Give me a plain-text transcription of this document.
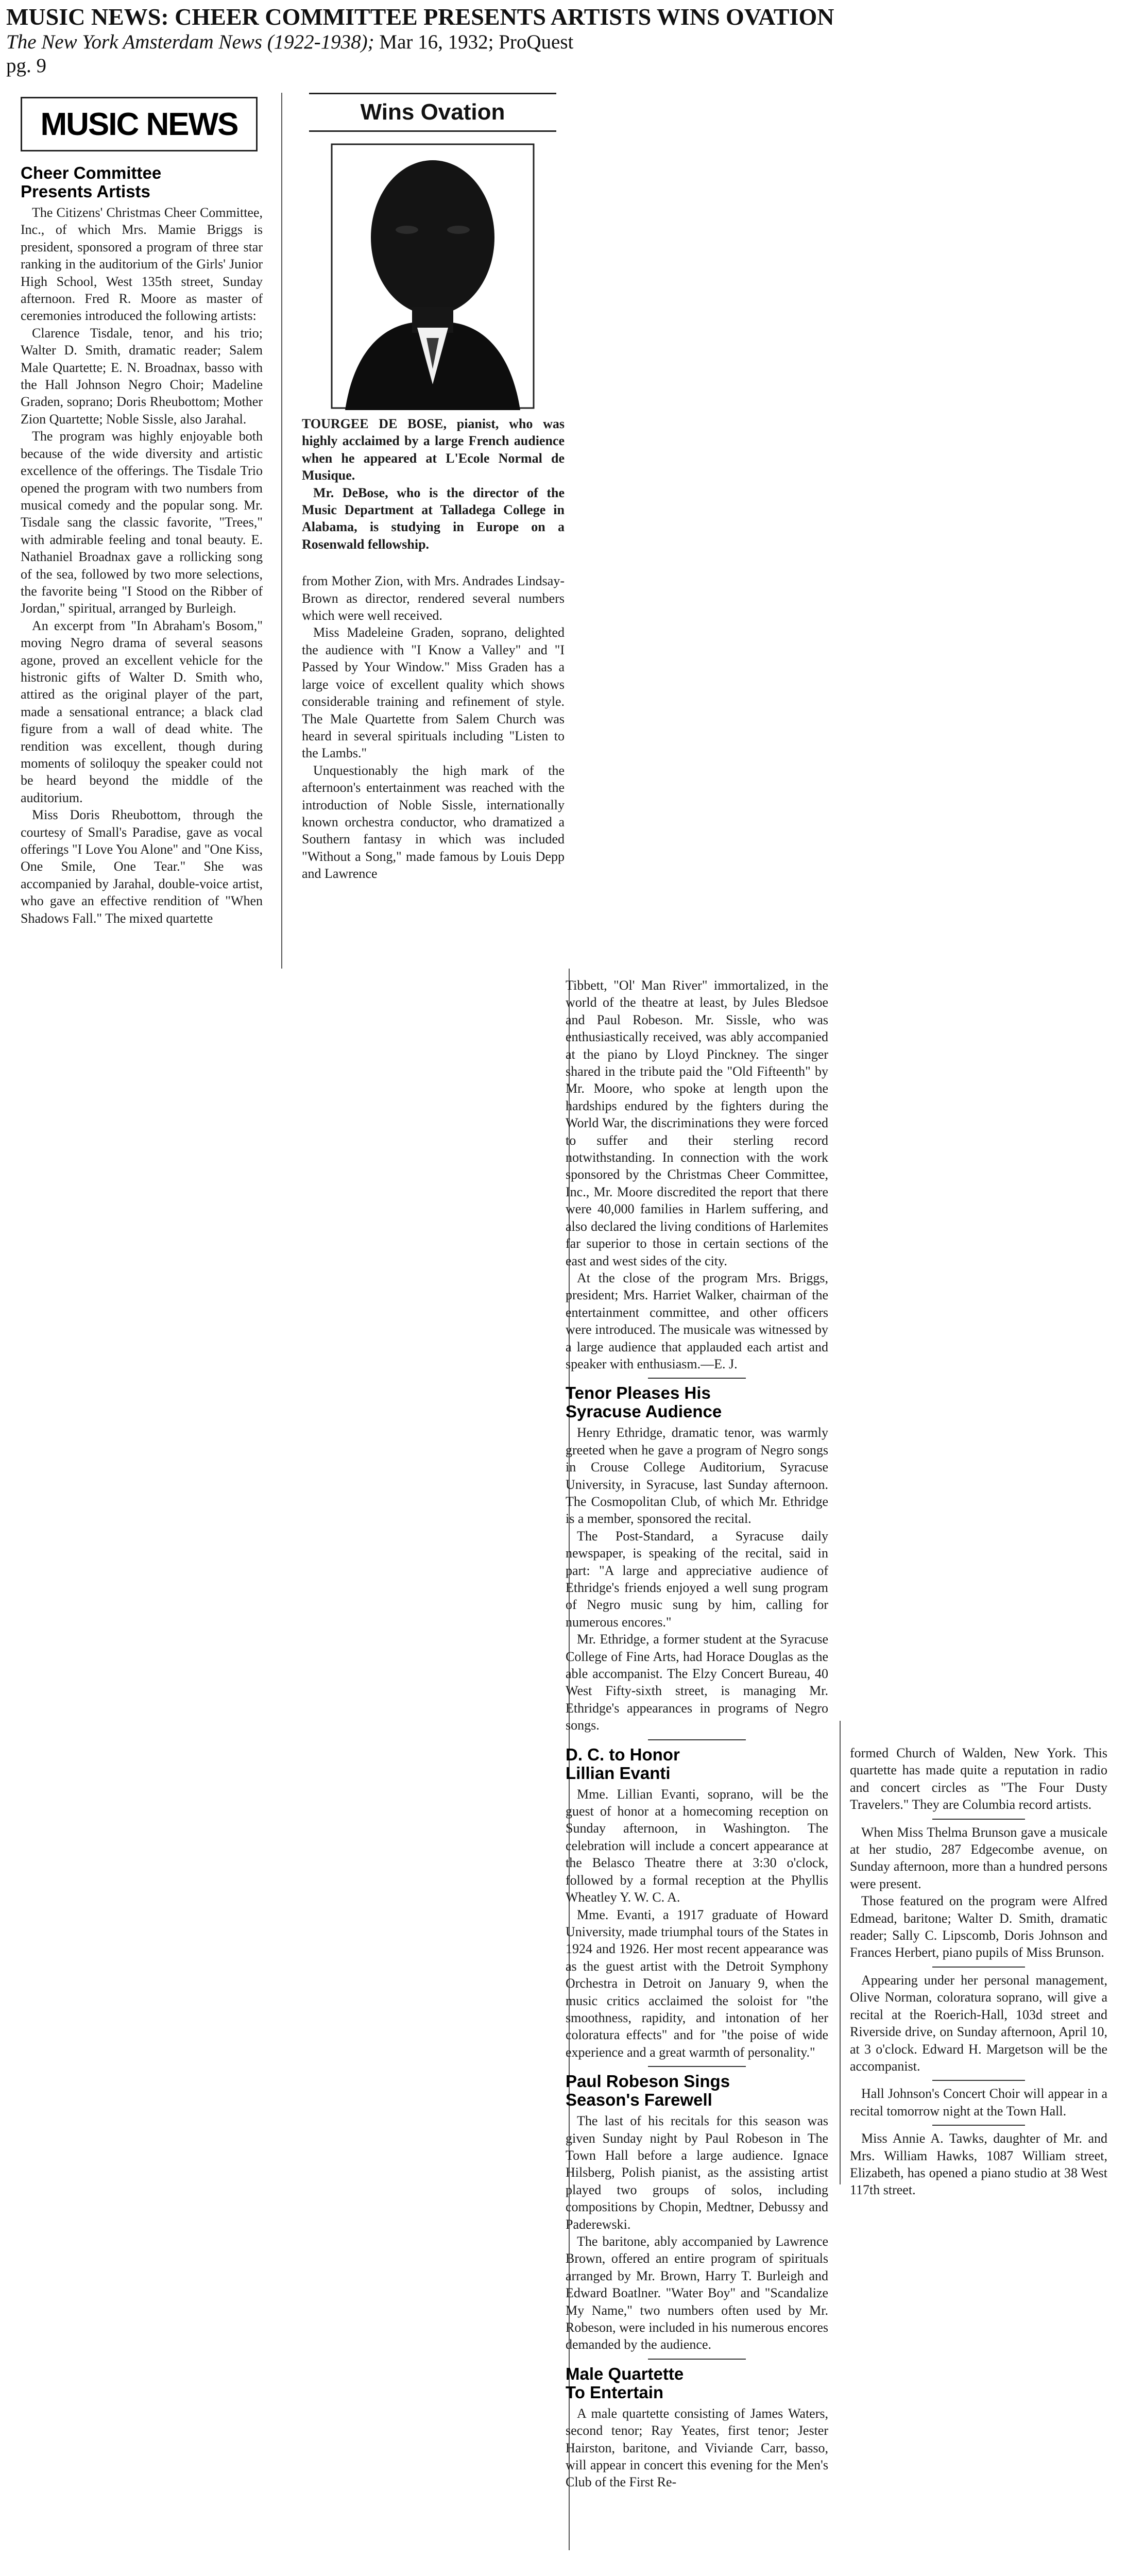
MUSIC NEWS: CHEER COMMITTEE PRESENTS ARTISTS WINS OVATION
The New York Amsterdam News (1922-1938); Mar 16, 1932; ProQuest
pg. 9
MUSIC NEWS	Wins Ovation
Cheer Committee
Presents Artists

The Citizens' Christmas Cheer Committee, Inc., of which Mrs. Mamie Briggs is president, sponsored a program of three star ranking in the auditorium of the Girls' Junior High School, West 135th street, Sunday afternoon. Fred R. Moore as master of ceremonies introduced the following artists:

Clarence Tisdale, tenor, and his trio; Walter D. Smith, dramatic reader; Salem Male Quartette; E. N. Broadnax, basso with the Hall Johnson Negro Choir; Madeline Graden, soprano; Doris Rheubottom; Mother Zion Quartette; Noble Sissle, also Jarahal.

The program was highly enjoyable both because of the wide diversity and artistic excellence of the offerings. The Tisdale Trio opened the program with two numbers from musical comedy and the popular song. Mr. Tisdale sang the classic favorite, "Trees," with admirable feeling and tonal beauty. E. Nathaniel Broadnax gave a rollicking song of the sea, followed by two more selections, the favorite being "I Stood on the Ribber of Jordan," spiritual, arranged by Burleigh.

An excerpt from "In Abraham's Bosom," moving Negro drama of several seasons agone, proved an excellent vehicle for the histronic gifts of Walter D. Smith who, attired as the original player of the part, made a sensational entrance; a black clad figure from a wall of dead white. The rendition was excellent, though during moments of soliloquy the speaker could not be heard beyond the middle of the auditorium.

Miss Doris Rheubottom, through the courtesy of Small's Paradise, gave as vocal offerings "I Love You Alone" and "One Kiss, One Smile, One Tear." She was accompanied by Jarahal, double-voice artist, who gave an effective rendition of "When Shadows Fall." The mixed quartette

TOURGEE DE BOSE, pianist, who was highly acclaimed by a large French audience when he appeared at L'Ecole Normal de Musique.

Mr. DeBose, who is the director of the Music Department at Talladega College in Alabama, is studying in Europe on a Rosenwald fellowship.

from Mother Zion, with Mrs. Andrades Lindsay-Brown as director, rendered several numbers which were well received.

Miss Madeleine Graden, soprano, delighted the audience with "I Know a Valley" and "I Passed by Your Window." Miss Graden has a large voice of excellent quality which shows considerable training and refinement of style. The Male Quartette from Salem Church was heard in several spirituals including "Listen to the Lambs."

Unquestionably the high mark of the afternoon's entertainment was reached with the introduction of Noble Sissle, internationally known orchestra conductor, who dramatized a Southern fantasy in which was included "Without a Song," made famous by Louis Depp and Lawrence

Tibbett, "Ol' Man River" immortalized, in the world of the theatre at least, by Jules Bledsoe and Paul Robeson. Mr. Sissle, who was enthusiastically received, was ably accompanied at the piano by Lloyd Pinckney. The singer shared in the tribute paid the "Old Fifteenth" by Mr. Moore, who spoke at length upon the hardships endured by the fighters during the World War, the discriminations they were forced to suffer and their sterling record notwithstanding. In connection with the work sponsored by the Christmas Cheer Committee, Inc., Mr. Moore discredited the report that there were 40,000 families in Harlem suffering, and also declared the living conditions of Harlemites far superior to those in certain sections of the east and west sides of the city.

At the close of the program Mrs. Briggs, president; Mrs. Harriet Walker, chairman of the entertainment committee, and other officers were introduced. The musicale was witnessed by a large audience that applauded each artist and speaker with enthusiasm.—E. J.

Tenor Pleases His
Syracuse Audience

Henry Ethridge, dramatic tenor, was warmly greeted when he gave a program of Negro songs in Crouse College Auditorium, Syracuse University, in Syracuse, last Sunday afternoon. The Cosmopolitan Club, of which Mr. Ethridge is a member, sponsored the recital.

The Post-Standard, a Syracuse daily newspaper, is speaking of the recital, said in part: "A large and appreciative audience of Ethridge's friends enjoyed a well sung program of Negro music sung by him, calling for numerous encores."

Mr. Ethridge, a former student at the Syracuse College of Fine Arts, had Horace Douglas as the able accompanist. The Elzy Concert Bureau, 40 West Fifty-sixth street, is managing Mr. Ethridge's appearances in programs of Negro songs.

D. C. to Honor
Lillian Evanti

Mme. Lillian Evanti, soprano, will be the guest of honor at a homecoming reception on Sunday afternoon, in Washington. The celebration will include a concert appearance at the Belasco Theatre there at 3:30 o'clock, followed by a formal reception at the Phyllis Wheatley Y. W. C. A.

Mme. Evanti, a 1917 graduate of Howard University, made triumphal tours of the States in 1924 and 1926. Her most recent appearance was as the guest artist with the Detroit Symphony Orchestra in Detroit on January 9, when the music critics acclaimed the soloist for "the smoothness, rapidity, and intonation of her coloratura effects" and for "the poise of wide experience and a great warmth of personality."

Paul Robeson Sings
Season's Farewell

The last of his recitals for this season was given Sunday night by Paul Robeson in The Town Hall before a large audience. Ignace Hilsberg, Polish pianist, as the assisting artist played two groups of solos, including compositions by Chopin, Medtner, Debussy and Paderewski.

The baritone, ably accompanied by Lawrence Brown, offered an entire program of spirituals arranged by Mr. Brown, Harry T. Burleigh and Edward Boatlner. "Water Boy" and "Scandalize My Name," two numbers often used by Mr. Robeson, were included in his numerous encores demanded by the audience.

Male Quartette
To Entertain

A male quartette consisting of James Waters, second tenor; Ray Yeates, first tenor; Jester Hairston, baritone, and Viviande Carr, basso, will appear in concert this evening for the Men's Club of the First Re-

formed Church of Walden, New York. This quartette has made quite a reputation in radio and concert circles as "The Four Dusty Travelers." They are Columbia record artists.

When Miss Thelma Brunson gave a musicale at her studio, 287 Edgecombe avenue, on Sunday afternoon, more than a hundred persons were present.

Those featured on the program were Alfred Edmead, baritone; Walter D. Smith, dramatic reader; Sally C. Lipscomb, Doris Johnson and Frances Herbert, piano pupils of Miss Brunson.

Appearing under her personal management, Olive Norman, coloratura soprano, will give a recital at the Roerich-Hall, 103d street and Riverside drive, on Sunday afternoon, April 10, at 3 o'clock. Edward H. Margetson will be the accompanist.

Hall Johnson's Concert Choir will appear in a recital tomorrow night at the Town Hall.

Miss Annie A. Tawks, daughter of Mr. and Mrs. William Hawks, 1087 William street, Elizabeth, has opened a piano studio at 38 West 117th street.
